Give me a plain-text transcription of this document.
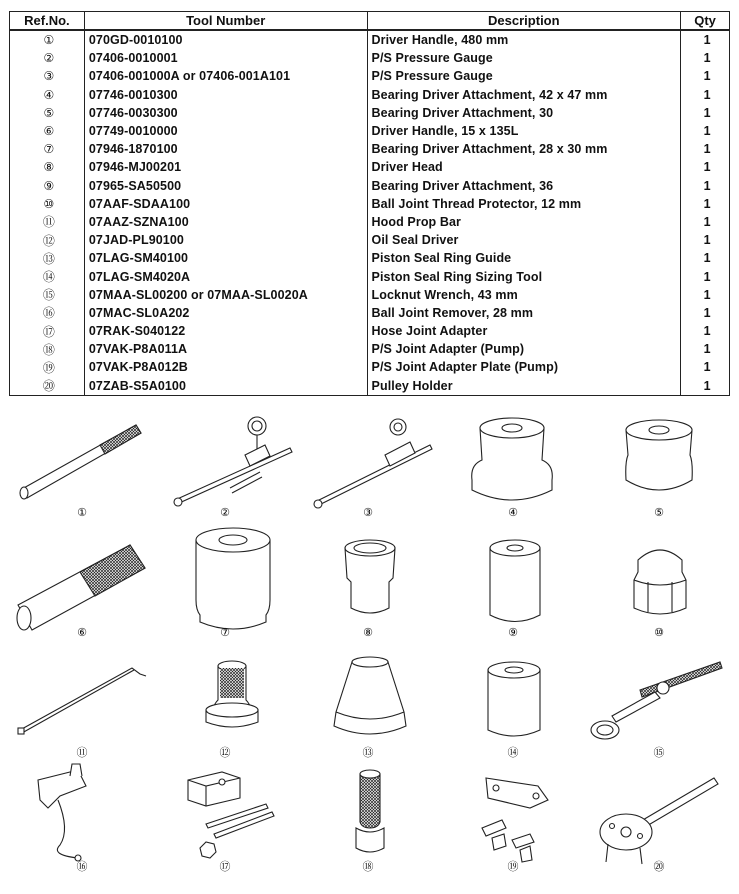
Ref.No.	Tool Number	Description	Qty
①	070GD-0010100	Driver Handle, 480 mm	1
②	07406-0010001	P/S Pressure Gauge	1
③	07406-001000A or 07406-001A101	P/S Pressure Gauge	1
④	07746-0010300	Bearing Driver Attachment, 42 x 47 mm	1
⑤	07746-0030300	Bearing Driver Attachment, 30	1
⑥	07749-0010000	Driver Handle, 15 x 135L	1
⑦	07946-1870100	Bearing Driver Attachment, 28 x 30 mm	1
⑧	07946-MJ00201	Driver Head	1
⑨	07965-SA50500	Bearing Driver Attachment, 36	1
⑩	07AAF-SDAA100	Ball Joint Thread Protector, 12 mm	1
⑪	07AAZ-SZNA100	Hood Prop Bar	1
⑫	07JAD-PL90100	Oil Seal Driver	1
⑬	07LAG-SM40100	Piston Seal Ring Guide	1
⑭	07LAG-SM4020A	Piston Seal Ring Sizing Tool	1
⑮	07MAA-SL00200 or 07MAA-SL0020A	Locknut Wrench, 43 mm	1
⑯	07MAC-SL0A202	Ball Joint Remover, 28 mm	1
⑰	07RAK-S040122	Hose Joint Adapter	1
⑱	07VAK-P8A011A	P/S Joint Adapter (Pump)	1
⑲	07VAK-P8A012B	P/S Joint Adapter Plate (Pump)	1
⑳	07ZAB-S5A0100	Pulley Holder	1
①	②	③	④	⑤
⑥	⑦	⑧	⑨	⑩
⑪	⑫	⑬	⑭	⑮
⑯	⑰	⑱	⑲	⑳
